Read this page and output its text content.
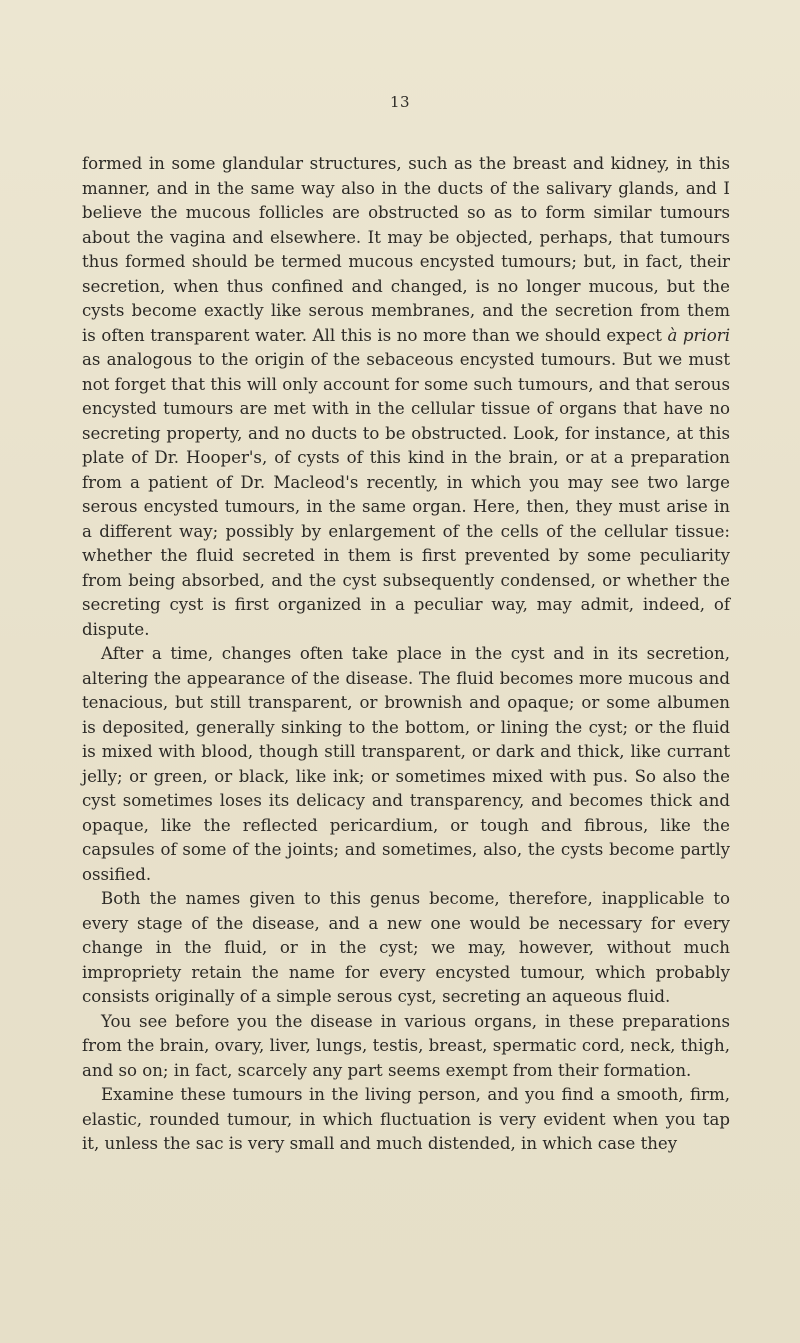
13

formed in some glandular structures, such as the breast and kidney, in this manner, and in the same way also in the ducts of the salivary glands, and I believe the mucous follicles are obstructed so as to form similar tumours about the vagina and elsewhere. It may be objected, perhaps, that tumours thus formed should be termed mucous encysted tumours; but, in fact, their secretion, when thus confined and changed, is no longer mucous, but the cysts become exactly like serous membranes, and the secretion from them is often transparent water. All this is no more than we should expect à priori as analogous to the origin of the sebaceous encysted tumours. But we must not forget that this will only account for some such tumours, and that serous encysted tumours are met with in the cellular tissue of organs that have no secreting property, and no ducts to be obstructed. Look, for instance, at this plate of Dr. Hooper's, of cysts of this kind in the brain, or at a preparation from a patient of Dr. Macleod's recently, in which you may see two large serous encysted tumours, in the same organ. Here, then, they must arise in a different way; possibly by enlargement of the cells of the cellular tissue: whether the fluid secreted in them is first prevented by some peculiarity from being absorbed, and the cyst subsequently condensed, or whether the secreting cyst is first organized in a peculiar way, may admit, indeed, of dispute.

After a time, changes often take place in the cyst and in its secretion, altering the appearance of the disease. The fluid becomes more mucous and tenacious, but still transparent, or brownish and opaque; or some albumen is deposited, generally sinking to the bottom, or lining the cyst; or the fluid is mixed with blood, though still transparent, or dark and thick, like currant jelly; or green, or black, like ink; or sometimes mixed with pus. So also the cyst sometimes loses its delicacy and transparency, and becomes thick and opaque, like the reflected pericardium, or tough and fibrous, like the capsules of some of the joints; and sometimes, also, the cysts become partly ossified.

Both the names given to this genus become, therefore, inapplicable to every stage of the disease, and a new one would be necessary for every change in the fluid, or in the cyst; we may, however, without much impropriety retain the name for every encysted tumour, which probably consists originally of a simple serous cyst, secreting an aqueous fluid.

You see before you the disease in various organs, in these preparations from the brain, ovary, liver, lungs, testis, breast, spermatic cord, neck, thigh, and so on; in fact, scarcely any part seems exempt from their formation.

Examine these tumours in the living person, and you find a smooth, firm, elastic, rounded tumour, in which fluctuation is very evident when you tap it, unless the sac is very small and much distended, in which case they
